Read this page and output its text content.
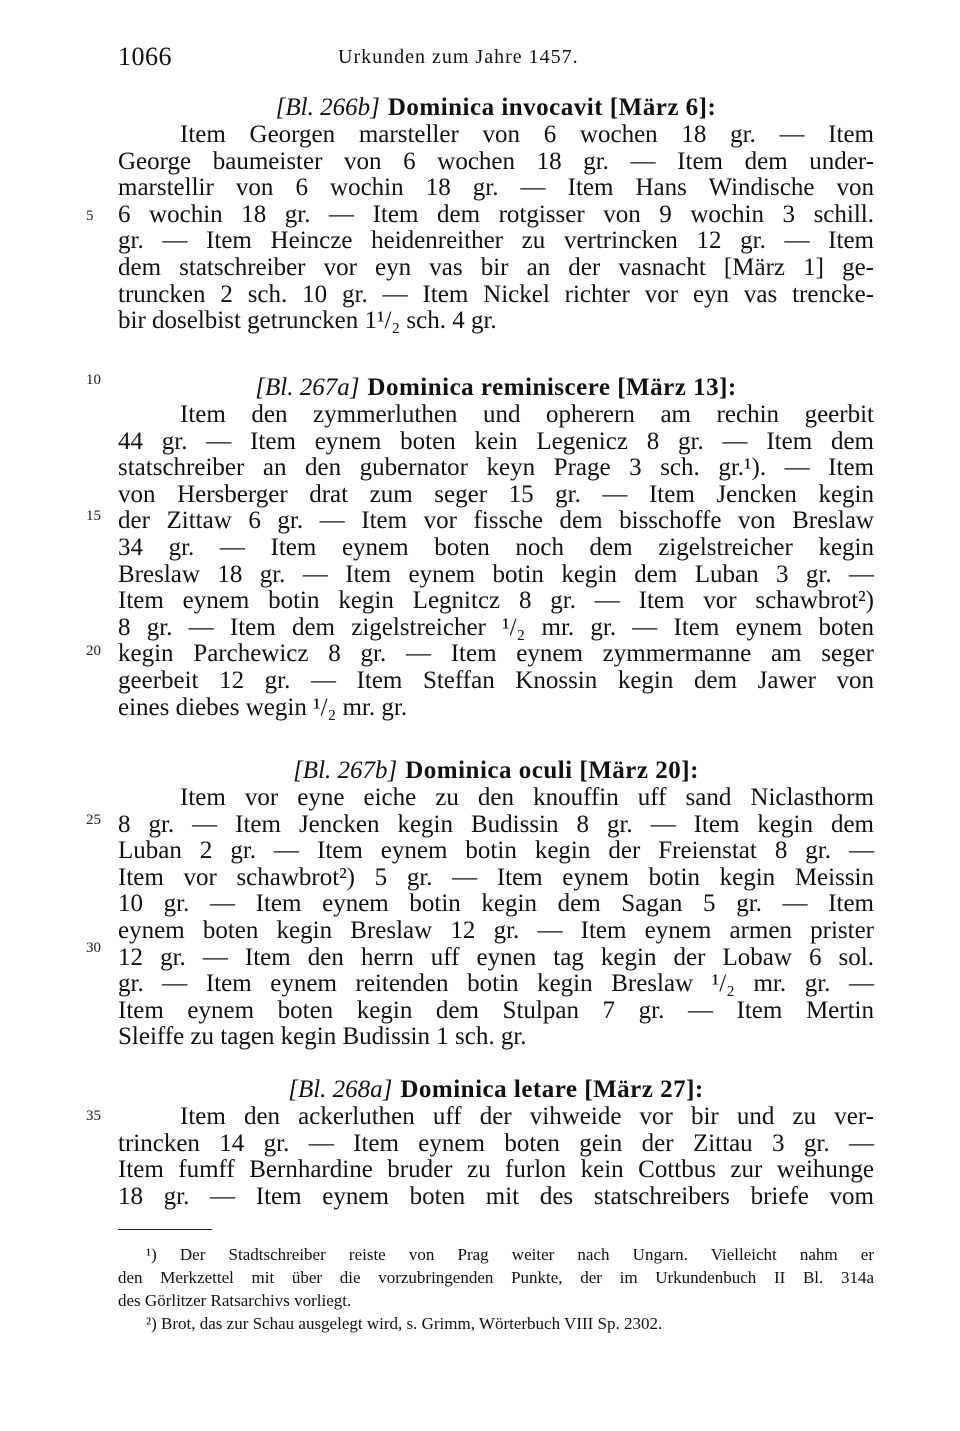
1066	Urkunden zum Jahre 1457.
[Bl. 266b] Dominica invocavit [März 6]:
Item Georgen marsteller von 6 wochen 18 gr. — Item
George baumeister von 6 wochen 18 gr. — Item dem under-
marstellir von 6 wochin 18 gr. — Item Hans Windische von
6 wochin 18 gr. — Item dem rotgisser von 9 wochin 3 schill.
gr. — Item Heincze heidenreither zu vertrincken 12 gr. — Item
dem statschreiber vor eyn vas bir an der vasnacht [März 1] ge-
truncken 2 sch. 10 gr. — Item Nickel richter vor eyn vas trencke-
bir doselbist getruncken 1¹/₂ sch. 4 gr.
[Bl. 267a] Dominica reminiscere [März 13]:
Item den zymmerluthen und opherern am rechin geerbit
44 gr. — Item eynem boten kein Legenicz 8 gr. — Item dem
statschreiber an den gubernator keyn Prage 3 sch. gr.¹). — Item
von Hersberger drat zum seger 15 gr. — Item Jencken kegin
der Zittaw 6 gr. — Item vor fissche dem bisschoffe von Breslaw
34 gr. — Item eynem boten noch dem zigelstreicher kegin
Breslaw 18 gr. — Item eynem botin kegin dem Luban 3 gr. —
Item eynem botin kegin Legnitcz 8 gr. — Item vor schawbrot²)
8 gr. — Item dem zigelstreicher ¹/₂ mr. gr. — Item eynem boten
kegin Parchewicz 8 gr. — Item eynem zymmermanne am seger
geerbeit 12 gr. — Item Steffan Knossin kegin dem Jawer von
eines diebes wegin ¹/₂ mr. gr.
[Bl. 267b] Dominica oculi [März 20]:
Item vor eyne eiche zu den knouffin uff sand Niclasthorm
8 gr. — Item Jencken kegin Budissin 8 gr. — Item kegin dem
Luban 2 gr. — Item eynem botin kegin der Freienstat 8 gr. —
Item vor schawbrot²) 5 gr. — Item eynem botin kegin Meissin
10 gr. — Item eynem botin kegin dem Sagan 5 gr. — Item
eynem boten kegin Breslaw 12 gr. — Item eynem armen prister
12 gr. — Item den herrn uff eynen tag kegin der Lobaw 6 sol.
gr. — Item eynem reitenden botin kegin Breslaw ¹/₂ mr. gr. —
Item eynem boten kegin dem Stulpan 7 gr. — Item Mertin
Sleiffe zu tagen kegin Budissin 1 sch. gr.
[Bl. 268a] Dominica letare [März 27]:
Item den ackerluthen uff der vihweide vor bir und zu ver-
trincken 14 gr. — Item eynem boten gein der Zittau 3 gr. —
Item fumff Bernhardine bruder zu furlon kein Cottbus zur weihunge
18 gr. — Item eynem boten mit des statschreibers briefe vom
5
10
15
20
25
30
35
¹) Der Stadtschreiber reiste von Prag weiter nach Ungarn. Vielleicht nahm er
den Merkzettel mit über die vorzubringenden Punkte, der im Urkundenbuch II Bl. 314a
des Görlitzer Ratsarchivs vorliegt.
²) Brot, das zur Schau ausgelegt wird, s. Grimm, Wörterbuch VIII Sp. 2302.
